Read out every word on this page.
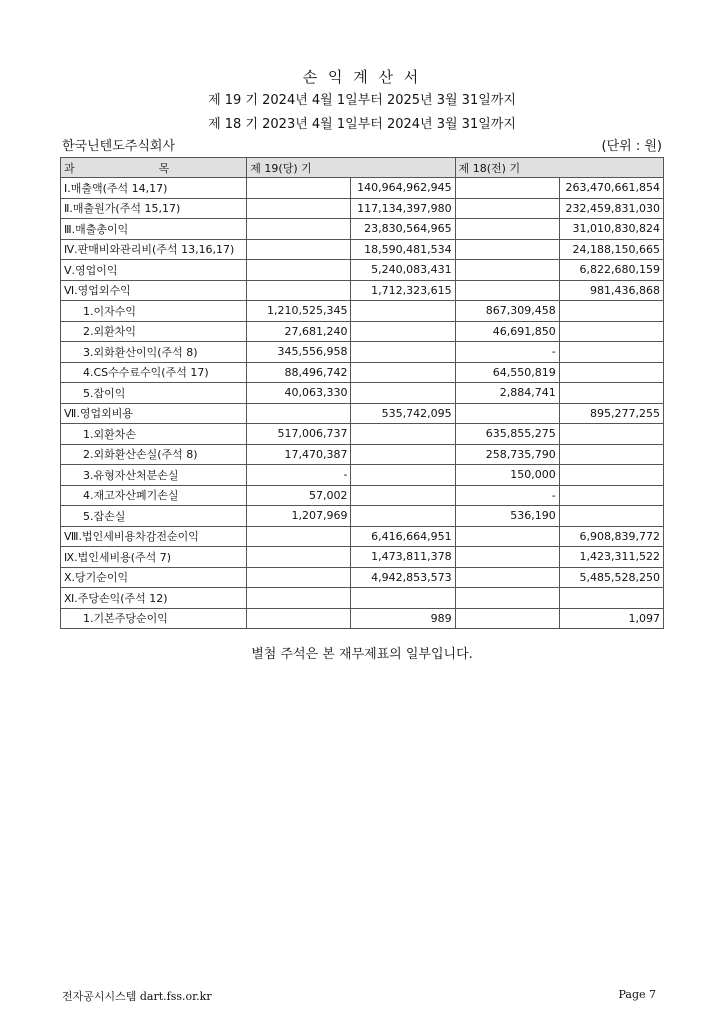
손 익 계 산 서
제 19 기 2024년 4월 1일부터 2025년 3월 31일까지
제 18 기 2023년 4월 1일부터 2024년 3월 31일까지
한국닌텐도주식회사	(단위 : 원)
과 목	제 19(당) 기		제 18(전) 기	
Ⅰ.매출액(주석 14,17)		140,964,962,945		263,470,661,854
Ⅱ.매출원가(주석 15,17)		117,134,397,980		232,459,831,030
Ⅲ.매출총이익		23,830,564,965		31,010,830,824
Ⅳ.판매비와관리비(주석 13,16,17)		18,590,481,534		24,188,150,665
Ⅴ.영업이익		5,240,083,431		6,822,680,159
Ⅵ.영업외수익		1,712,323,615		981,436,868
1.이자수익	1,210,525,345		867,309,458	
2.외환차익	27,681,240		46,691,850	
3.외화환산이익(주석 8)	345,556,958		-	
4.CS수수료수익(주석 17)	88,496,742		64,550,819	
5.잡이익	40,063,330		2,884,741	
Ⅶ.영업외비용		535,742,095		895,277,255
1.외환차손	517,006,737		635,855,275	
2.외화환산손실(주석 8)	17,470,387		258,735,790	
3.유형자산처분손실	-		150,000	
4.재고자산폐기손실	57,002		-	
5.잡손실	1,207,969		536,190	
Ⅷ.법인세비용차감전순이익		6,416,664,951		6,908,839,772
Ⅸ.법인세비용(주석 7)		1,473,811,378		1,423,311,522
Ⅹ.당기순이익		4,942,853,573		5,485,528,250
Ⅺ.주당손익(주석 12)				
1.기본주당순이익		989		1,097
별첨 주석은 본 재무제표의 일부입니다.
전자공시시스템 dart.fss.or.kr	Page 7
